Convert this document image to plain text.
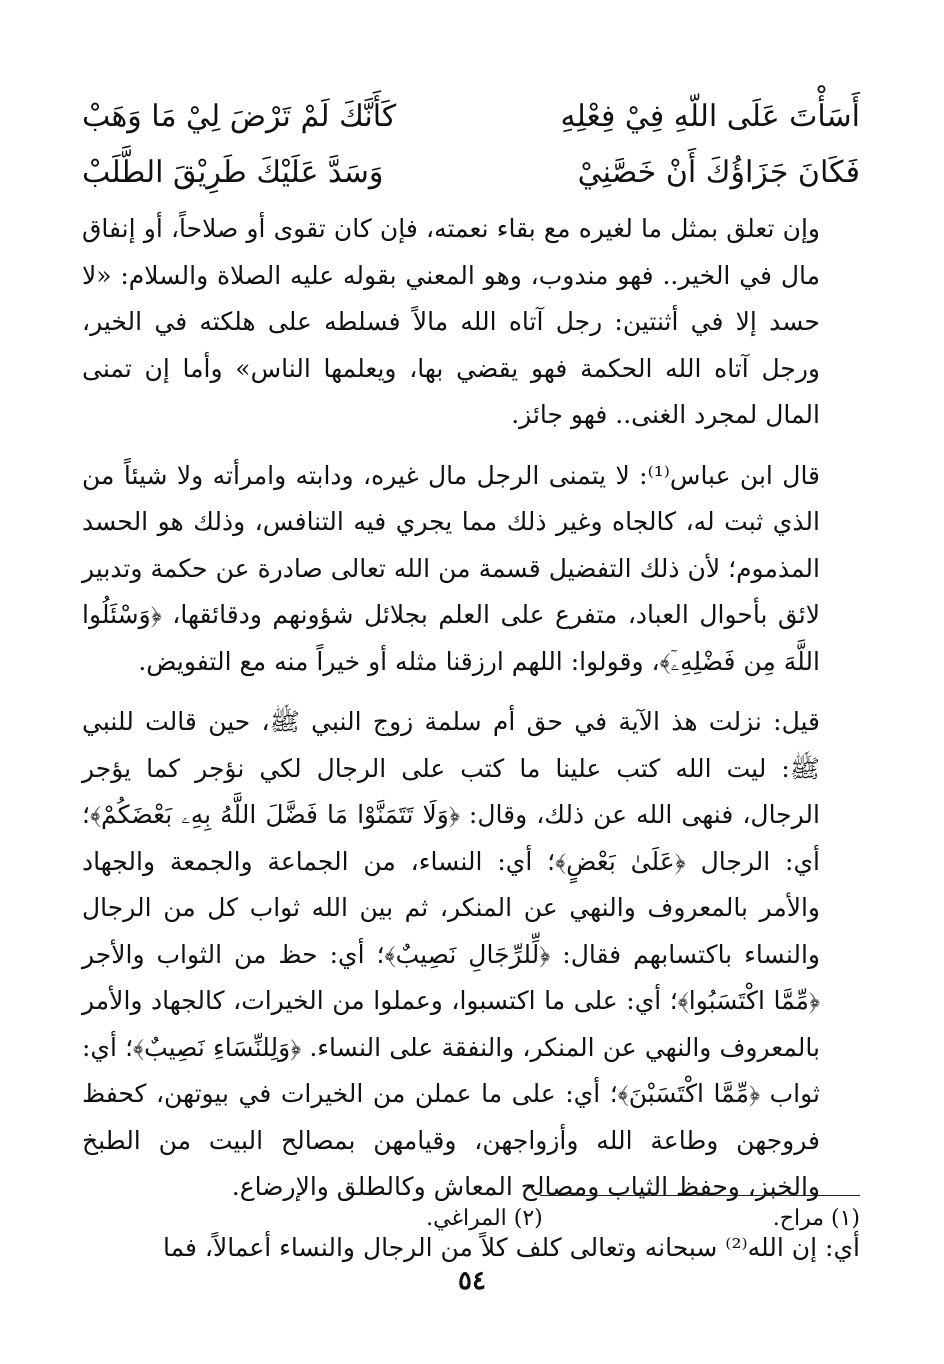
أَسَأْتَ عَلَى اللّهِ فِيْ فِعْلِهِ
كَأَنَّكَ لَمْ تَرْضَ لِيْ مَا وَهَبْ
فَكَانَ جَزَاؤُكَ أَنْ خَصَّنِيْ
وَسَدَّ عَلَيْكَ طَرِيْقَ الطَّلَبْ

وإن تعلق بمثل ما لغيره مع بقاء نعمته، فإن كان تقوى أو صلاحاً، أو إنفاق مال في الخير.. فهو مندوب، وهو المعني بقوله عليه الصلاة والسلام: «لا حسد إلا في أثنتين: رجل آتاه الله مالاً فسلطه على هلكته في الخير، ورجل آتاه الله الحكمة فهو يقضي بها، ويعلمها الناس» وأما إن تمنى المال لمجرد الغنى.. فهو جائز.

قال ابن عباس⁽¹⁾: لا يتمنى الرجل مال غيره، ودابته وامرأته ولا شيئاً من الذي ثبت له، كالجاه وغير ذلك مما يجري فيه التنافس، وذلك هو الحسد المذموم؛ لأن ذلك التفضيل قسمة من الله تعالى صادرة عن حكمة وتدبير لائق بأحوال العباد، متفرع على العلم بجلائل شؤونهم ودقائقها، ﴿وَسْئَلُوا اللَّهَ مِن فَضْلِهِۦٓ﴾، وقولوا: اللهم ارزقنا مثله أو خيراً منه مع التفويض.

قيل: نزلت هذ الآية في حق أم سلمة زوج النبي ﷺ، حين قالت للنبي ﷺ: ليت الله كتب علينا ما كتب على الرجال لكي نؤجر كما يؤجر الرجال، فنهى الله عن ذلك، وقال: ﴿وَلَا تَتَمَنَّوْا مَا فَضَّلَ اللَّهُ بِهِۦ بَعْضَكُمْ﴾؛ أي: الرجال ﴿عَلَىٰ بَعْضٍ﴾؛ أي: النساء، من الجماعة والجمعة والجهاد والأمر بالمعروف والنهي عن المنكر، ثم بين الله ثواب كل من الرجال والنساء باكتسابهم فقال: ﴿لِّلرِّجَالِ نَصِيبٌ﴾؛ أي: حظ من الثواب والأجر ﴿مِّمَّا اكْتَسَبُوا﴾؛ أي: على ما اكتسبوا، وعملوا من الخيرات، كالجهاد والأمر بالمعروف والنهي عن المنكر، والنفقة على النساء. ﴿وَلِلنِّسَاءِ نَصِيبٌ﴾؛ أي: ثواب ﴿مِّمَّا اكْتَسَبْنَ﴾؛ أي: على ما عملن من الخيرات في بيوتهن، كحفظ فروجهن وطاعة الله وأزواجهن، وقيامهن بمصالح البيت من الطبخ والخبز، وحفظ الثياب ومصالح المعاش وكالطلق والإرضاع.

أي: إن الله⁽²⁾ سبحانه وتعالى كلف كلاً من الرجال والنساء أعمالاً، فما

(١) مراح.
(٢) المراغي.
٥٤
